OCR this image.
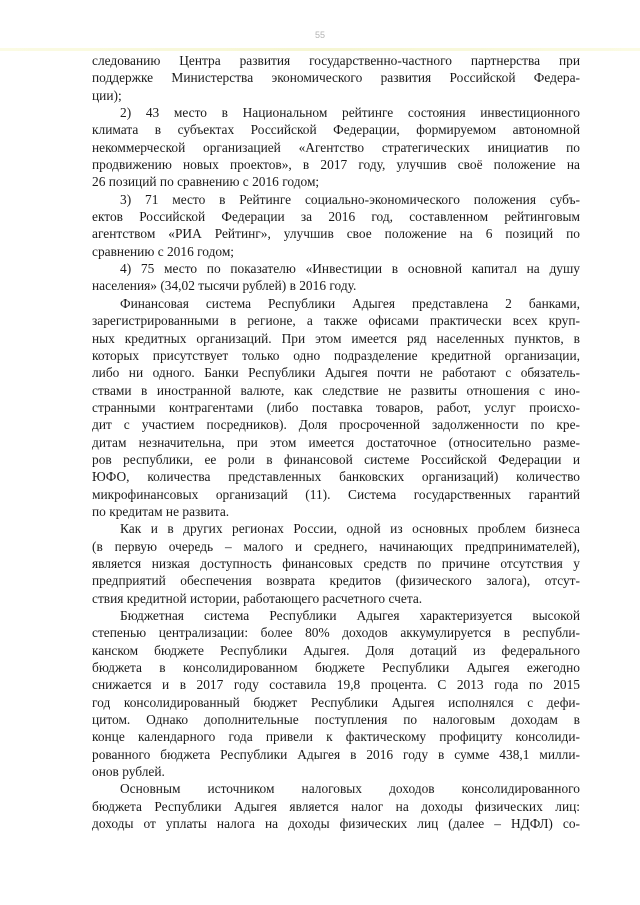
55
следованию Центра развития государственно-частного партнерства при
поддержке Министерства экономического развития Российской Федера-
ции);
2) 43 место в Национальном рейтинге состояния инвестиционного
климата в субъектах Российской Федерации, формируемом автономной
некоммерческой организацией «Агентство стратегических инициатив по
продвижению новых проектов», в 2017 году, улучшив своё положение на
26 позиций по сравнению с 2016 годом;
3) 71 место в Рейтинге социально-экономического положения субъ-
ектов Российской Федерации за 2016 год, составленном рейтинговым
агентством «РИА Рейтинг», улучшив свое положение на 6 позиций по
сравнению с 2016 годом;
4) 75 место по показателю «Инвестиции в основной капитал на душу
населения» (34,02 тысячи рублей) в 2016 году.
Финансовая система Республики Адыгея представлена 2 банками,
зарегистрированными в регионе, а также офисами практически всех круп-
ных кредитных организаций. При этом имеется ряд населенных пунктов, в
которых присутствует только одно подразделение кредитной организации,
либо ни одного. Банки Республики Адыгея почти не работают с обязатель-
ствами в иностранной валюте, как следствие не развиты отношения с ино-
странными контрагентами (либо поставка товаров, работ, услуг происхо-
дит с участием посредников). Доля просроченной задолженности по кре-
дитам незначительна, при этом имеется достаточное (относительно разме-
ров республики, ее роли в финансовой системе Российской Федерации и
ЮФО, количества представленных банковских организаций) количество
микрофинансовых организаций (11). Система государственных гарантий
по кредитам не развита.
Как и в других регионах России, одной из основных проблем бизнеса
(в первую очередь – малого и среднего, начинающих предпринимателей),
является низкая доступность финансовых средств по причине отсутствия у
предприятий обеспечения возврата кредитов (физического залога), отсут-
ствия кредитной истории, работающего расчетного счета.
Бюджетная система Республики Адыгея характеризуется высокой
степенью централизации: более 80% доходов аккумулируется в республи-
канском бюджете Республики Адыгея. Доля дотаций из федерального
бюджета в консолидированном бюджете Республики Адыгея ежегодно
снижается и в 2017 году составила 19,8 процента. С 2013 года по 2015
год консолидированный бюджет Республики Адыгея исполнялся с дефи-
цитом. Однако дополнительные поступления по налоговым доходам в
конце календарного года привели к фактическому профициту консолиди-
рованного бюджета Республики Адыгея в 2016 году в сумме 438,1 милли-
онов рублей.
Основным источником налоговых доходов консолидированного
бюджета Республики Адыгея является налог на доходы физических лиц:
доходы от уплаты налога на доходы физических лиц (далее – НДФЛ) со-
